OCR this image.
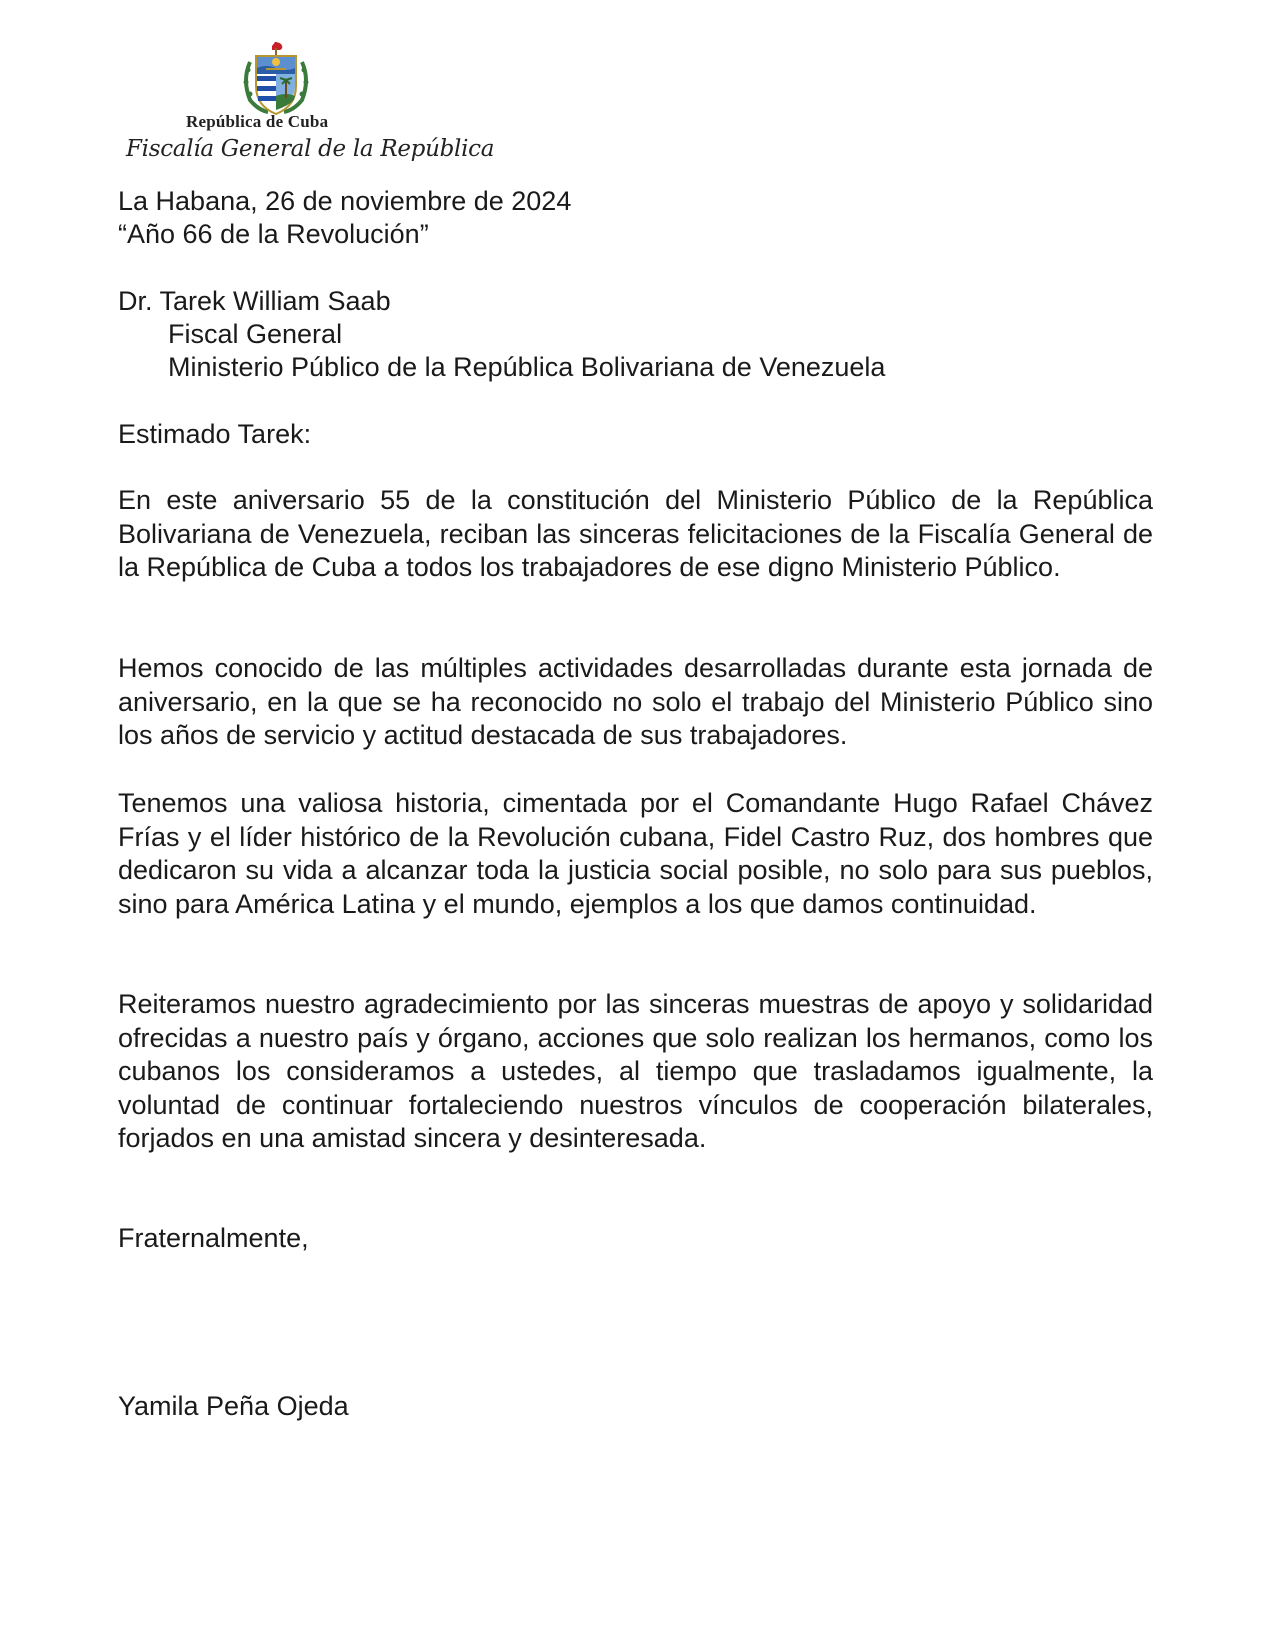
República de Cuba
Fiscalía General de la República
La Habana, 26 de noviembre de 2024
“Año 66 de la Revolución”
Dr. Tarek William Saab
Fiscal General
Ministerio Público de la República Bolivariana de Venezuela
Estimado Tarek:
En este aniversario 55 de la constitución del Ministerio Público de la República Bolivariana de Venezuela, reciban las sinceras felicitaciones de la Fiscalía General de la República de Cuba a todos los trabajadores de ese digno Ministerio Público.
Hemos conocido de las múltiples actividades desarrolladas durante esta jornada de aniversario, en la que se ha reconocido no solo el trabajo del Ministerio Público sino los años de servicio y actitud destacada de sus trabajadores.
Tenemos una valiosa historia, cimentada por el Comandante Hugo Rafael Chávez Frías y el líder histórico de la Revolución cubana, Fidel Castro Ruz, dos hombres que dedicaron su vida a alcanzar toda la justicia social posible, no solo para sus pueblos, sino para América Latina y el mundo, ejemplos a los que damos continuidad.
Reiteramos nuestro agradecimiento por las sinceras muestras de apoyo y solidaridad ofrecidas a nuestro país y órgano, acciones que solo realizan los hermanos, como los cubanos los consideramos a ustedes, al tiempo que trasladamos igualmente, la voluntad de continuar fortaleciendo nuestros vínculos de cooperación bilaterales, forjados en una amistad sincera y desinteresada.
Fraternalmente,
Yamila Peña Ojeda
